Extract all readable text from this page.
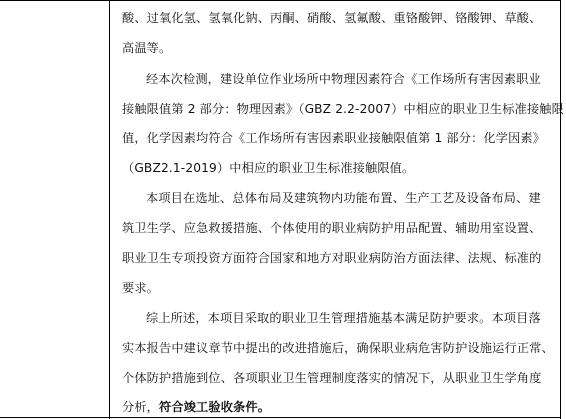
酸、过氧化氢、氢氧化钠、丙酮、硝酸、氢氟酸、重铬酸钾、铬酸钾、草酸、
高温等。
经本次检测，建设单位作业场所中物理因素符合《工作场所有害因素职业
接触限值第 2 部分：物理因素》（GBZ 2.2-2007）中相应的职业卫生标准接触限
值，化学因素均符合《工作场所有害因素职业接触限值第 1 部分：化学因素》
（GBZ2.1-2019）中相应的职业卫生标准接触限值。
本项目在选址、总体布局及建筑物内功能布置、生产工艺及设备布局、建
筑卫生学、应急救援措施、个体使用的职业病防护用品配置、辅助用室设置、
职业卫生专项投资方面符合国家和地方对职业病防治方面法律、法规、标准的
要求。
综上所述，本项目采取的职业卫生管理措施基本满足防护要求。本项目落
实本报告中建议章节中提出的改进措施后，确保职业病危害防护设施运行正常、
个体防护措施到位、各项职业卫生管理制度落实的情况下，从职业卫生学角度
分析，符合竣工验收条件。
